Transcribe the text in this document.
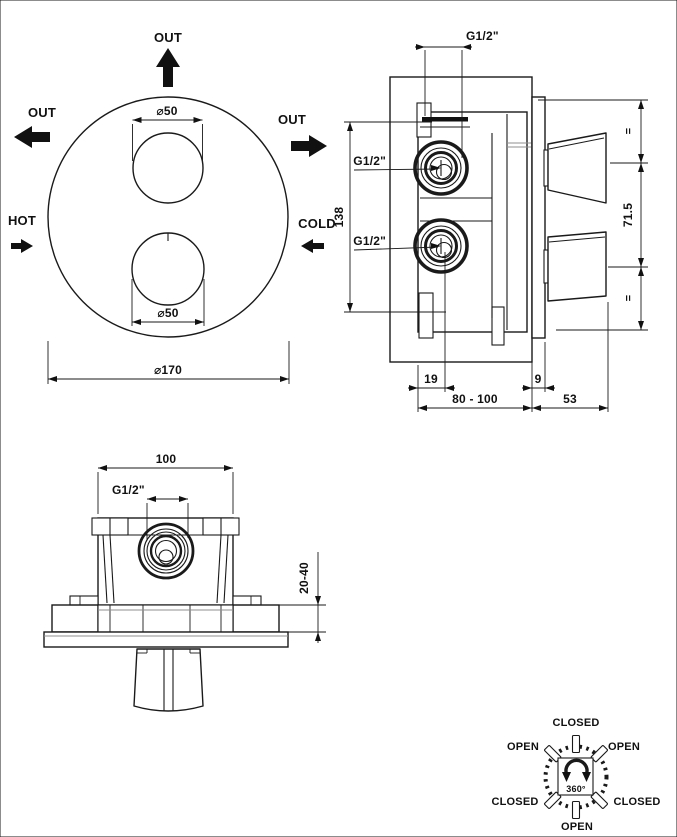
⌀50
⌀50
⌀170
OUT
OUT	OUT
HOT	COLD
G1/2"
G1/2"
G1/2"
138
=
71.5
=
19	9
80 - 100	53
100
G1/2"
20-40
360°
CLOSED
OPEN	OPEN
CLOSED	CLOSED
OPEN
